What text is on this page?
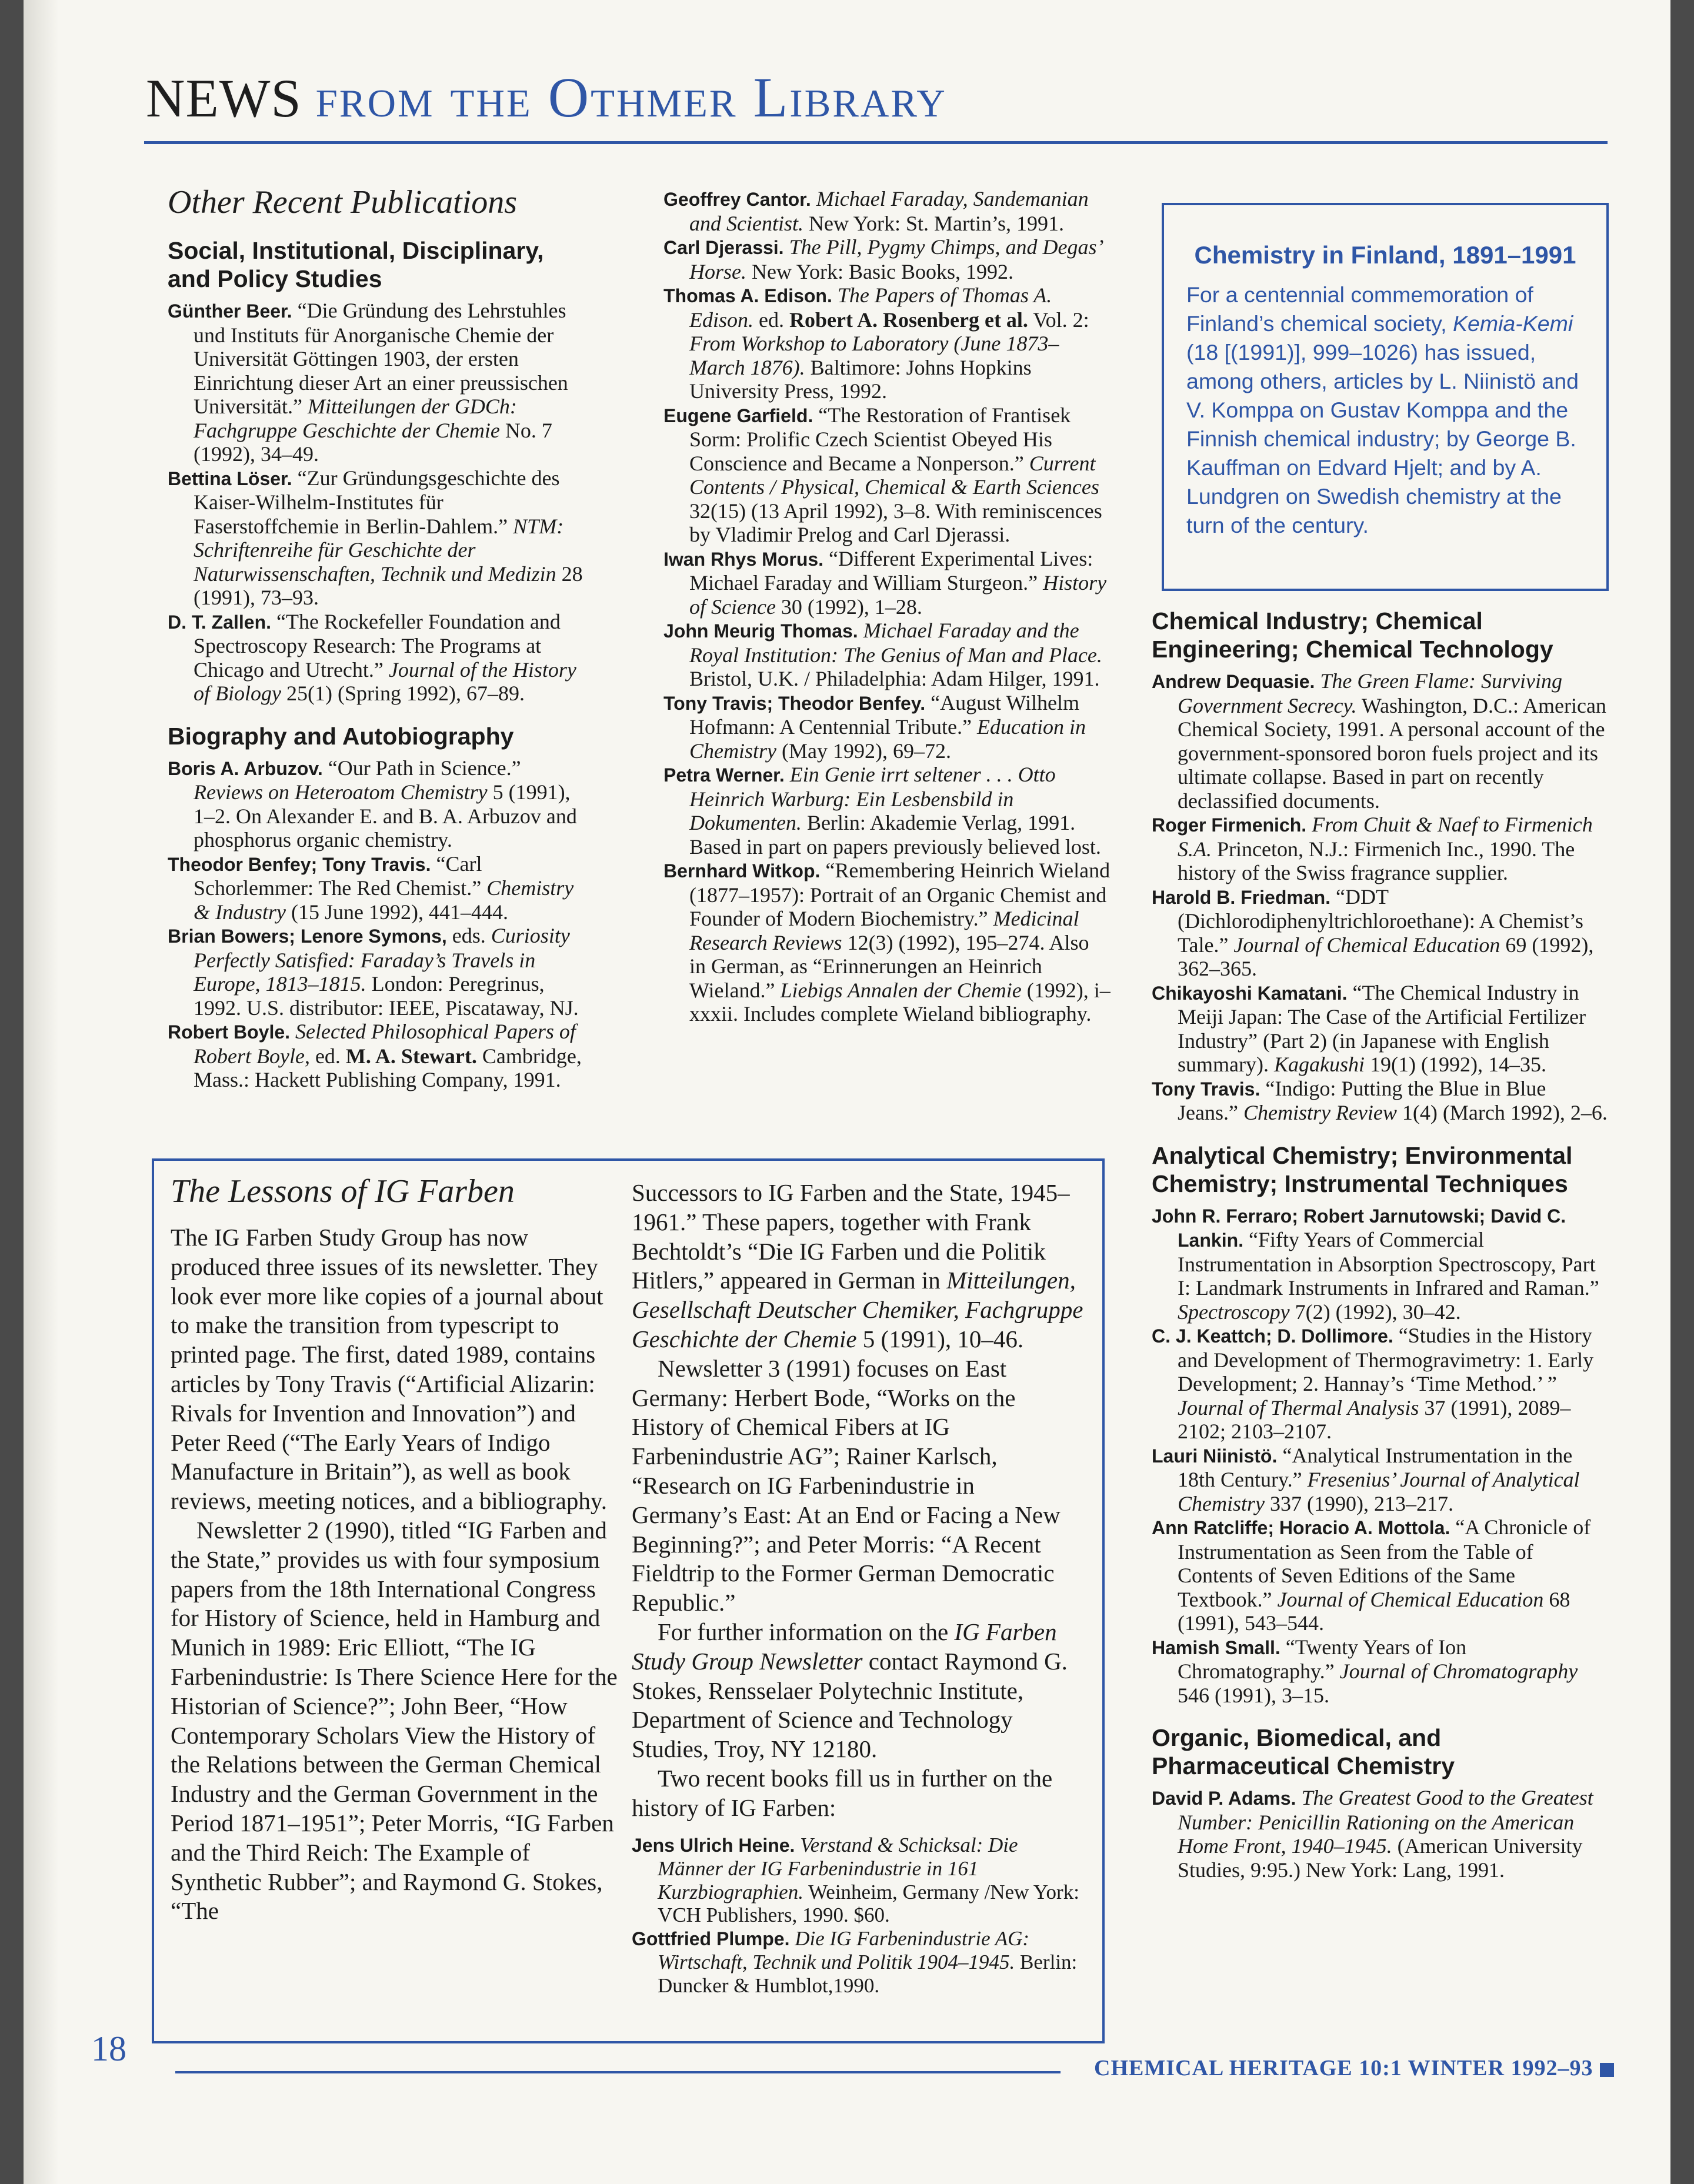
NEWS from the Othmer Library
Other Recent Publications
Social, Institutional, Disciplinary, and Policy Studies
Günther Beer. “Die Gründung des Lehrstuhles und Instituts für Anorganische Chemie der Universität Göttingen 1903, der ersten Einrichtung dieser Art an einer preussischen Universität.” Mitteilungen der GDCh: Fachgruppe Geschichte der Chemie No. 7 (1992), 34–49.
Bettina Löser. “Zur Gründungsgeschichte des Kaiser-Wilhelm-Institutes für Faserstoffchemie in Berlin-Dahlem.” NTM: Schriftenreihe für Geschichte der Naturwissenschaften, Technik und Medizin 28 (1991), 73–93.
D. T. Zallen. “The Rockefeller Foundation and Spectroscopy Research: The Programs at Chicago and Utrecht.” Journal of the History of Biology 25(1) (Spring 1992), 67–89.
Biography and Autobiography
Boris A. Arbuzov. “Our Path in Science.” Reviews on Heteroatom Chemistry 5 (1991), 1–2. On Alexander E. and B. A. Arbuzov and phosphorus organic chemistry.
Theodor Benfey; Tony Travis. “Carl Schorlemmer: The Red Chemist.” Chemistry & Industry (15 June 1992), 441–444.
Brian Bowers; Lenore Symons, eds. Curiosity Perfectly Satisfied: Faraday’s Travels in Europe, 1813–1815. London: Peregrinus, 1992. U.S. distributor: IEEE, Piscataway, NJ.
Robert Boyle. Selected Philosophical Papers of Robert Boyle, ed. M. A. Stewart. Cambridge, Mass.: Hackett Publishing Company, 1991.
Geoffrey Cantor. Michael Faraday, Sandemanian and Scientist. New York: St. Martin’s, 1991.
Carl Djerassi. The Pill, Pygmy Chimps, and Degas’ Horse. New York: Basic Books, 1992.
Thomas A. Edison. The Papers of Thomas A. Edison. ed. Robert A. Rosenberg et al. Vol. 2: From Workshop to Laboratory (June 1873–March 1876). Baltimore: Johns Hopkins University Press, 1992.
Eugene Garfield. “The Restoration of Frantisek Sorm: Prolific Czech Scientist Obeyed His Conscience and Became a Nonperson.” Current Contents / Physical, Chemical & Earth Sciences 32(15) (13 April 1992), 3–8. With reminiscences by Vladimir Prelog and Carl Djerassi.
Iwan Rhys Morus. “Different Experimental Lives: Michael Faraday and William Sturgeon.” History of Science 30 (1992), 1–28.
John Meurig Thomas. Michael Faraday and the Royal Institution: The Genius of Man and Place. Bristol, U.K. / Philadelphia: Adam Hilger, 1991.
Tony Travis; Theodor Benfey. “August Wilhelm Hofmann: A Centennial Tribute.” Education in Chemistry (May 1992), 69–72.
Petra Werner. Ein Genie irrt seltener . . . Otto Heinrich Warburg: Ein Lesbensbild in Dokumenten. Berlin: Akademie Verlag, 1991. Based in part on papers previously believed lost.
Bernhard Witkop. “Remembering Heinrich Wieland (1877–1957): Portrait of an Organic Chemist and Founder of Modern Biochemistry.” Medicinal Research Reviews 12(3) (1992), 195–274. Also in German, as “Erinnerungen an Heinrich Wieland.” Liebigs Annalen der Chemie (1992), i–xxxii. Includes complete Wieland bibliography.
Chemistry in Finland, 1891–1991

For a centennial commemoration of Finland’s chemical society, Kemia-Kemi (18 [(1991)], 999–1026) has issued, among others, articles by L. Niinistö and V. Komppa on Gustav Komppa and the Finnish chemical industry; by George B. Kauffman on Edvard Hjelt; and by A. Lundgren on Swedish chemistry at the turn of the century.

Chemical Industry; Chemical Engineering; Chemical Technology
Andrew Dequasie. The Green Flame: Surviving Government Secrecy. Washington, D.C.: American Chemical Society, 1991. A personal account of the government-sponsored boron fuels project and its ultimate collapse. Based in part on recently declassified documents.
Roger Firmenich. From Chuit & Naef to Firmenich S.A. Princeton, N.J.: Firmenich Inc., 1990. The history of the Swiss fragrance supplier.
Harold B. Friedman. “DDT (Dichlorodiphenyltrichloroethane): A Chemist’s Tale.” Journal of Chemical Education 69 (1992), 362–365.
Chikayoshi Kamatani. “The Chemical Industry in Meiji Japan: The Case of the Artificial Fertilizer Industry” (Part 2) (in Japanese with English summary). Kagakushi 19(1) (1992), 14–35.
Tony Travis. “Indigo: Putting the Blue in Blue Jeans.” Chemistry Review 1(4) (March 1992), 2–6.
Analytical Chemistry; Environmental Chemistry; Instrumental Techniques
John R. Ferraro; Robert Jarnutowski; David C. Lankin. “Fifty Years of Commercial Instrumentation in Absorption Spectroscopy, Part I: Landmark Instruments in Infrared and Raman.” Spectroscopy 7(2) (1992), 30–42.
C. J. Keattch; D. Dollimore. “Studies in the History and Development of Thermogravimetry: 1. Early Development; 2. Hannay’s ‘Time Method.’ ” Journal of Thermal Analysis 37 (1991), 2089–2102; 2103–2107.
Lauri Niinistö. “Analytical Instrumentation in the 18th Century.” Fresenius’ Journal of Analytical Chemistry 337 (1990), 213–217.
Ann Ratcliffe; Horacio A. Mottola. “A Chronicle of Instrumentation as Seen from the Table of Contents of Seven Editions of the Same Textbook.” Journal of Chemical Education 68 (1991), 543–544.
Hamish Small. “Twenty Years of Ion Chromatography.” Journal of Chromatography 546 (1991), 3–15.
Organic, Biomedical, and Pharmaceutical Chemistry
David P. Adams. The Greatest Good to the Greatest Number: Penicillin Rationing on the American Home Front, 1940–1945. (American University Studies, 9:95.) New York: Lang, 1991.
The Lessons of IG Farben

The IG Farben Study Group has now produced three issues of its newsletter. They look ever more like copies of a journal about to make the transition from typescript to printed page. The first, dated 1989, contains articles by Tony Travis (“Artificial Alizarin: Rivals for Invention and Innovation”) and Peter Reed (“The Early Years of Indigo Manufacture in Britain”), as well as book reviews, meeting notices, and a bibliography.

Newsletter 2 (1990), titled “IG Farben and the State,” provides us with four symposium papers from the 18th International Congress for History of Science, held in Hamburg and Munich in 1989: Eric Elliott, “The IG Farbenindustrie: Is There Science Here for the Historian of Science?”; John Beer, “How Contemporary Scholars View the History of the Relations between the German Chemical Industry and the German Government in the Period 1871–1951”; Peter Morris, “IG Farben and the Third Reich: The Example of Synthetic Rubber”; and Raymond G. Stokes, “The

Successors to IG Farben and the State, 1945–1961.” These papers, together with Frank Bechtoldt’s “Die IG Farben und die Politik Hitlers,” appeared in German in Mitteilungen, Gesellschaft Deutscher Chemiker, Fachgruppe Geschichte der Chemie 5 (1991), 10–46.

Newsletter 3 (1991) focuses on East Germany: Herbert Bode, “Works on the History of Chemical Fibers at IG Farbenindustrie AG”; Rainer Karlsch, “Research on IG Farbenindustrie in Germany’s East: At an End or Facing a New Beginning?”; and Peter Morris: “A Recent Fieldtrip to the Former German Democratic Republic.”

For further information on the IG Farben Study Group Newsletter contact Raymond G. Stokes, Rensselaer Polytechnic Institute, Department of Science and Technology Studies, Troy, NY 12180.

Two recent books fill us in further on the history of IG Farben:

Jens Ulrich Heine. Verstand & Schicksal: Die Männer der IG Farbenindustrie in 161 Kurzbiographien. Weinheim, Germany /New York: VCH Publishers, 1990. $60.
Gottfried Plumpe. Die IG Farbenindustrie AG: Wirtschaft, Technik und Politik 1904–1945. Berlin: Duncker & Humblot,1990.
18	CHEMICAL HERITAGE 10:1 WINTER 1992–93
